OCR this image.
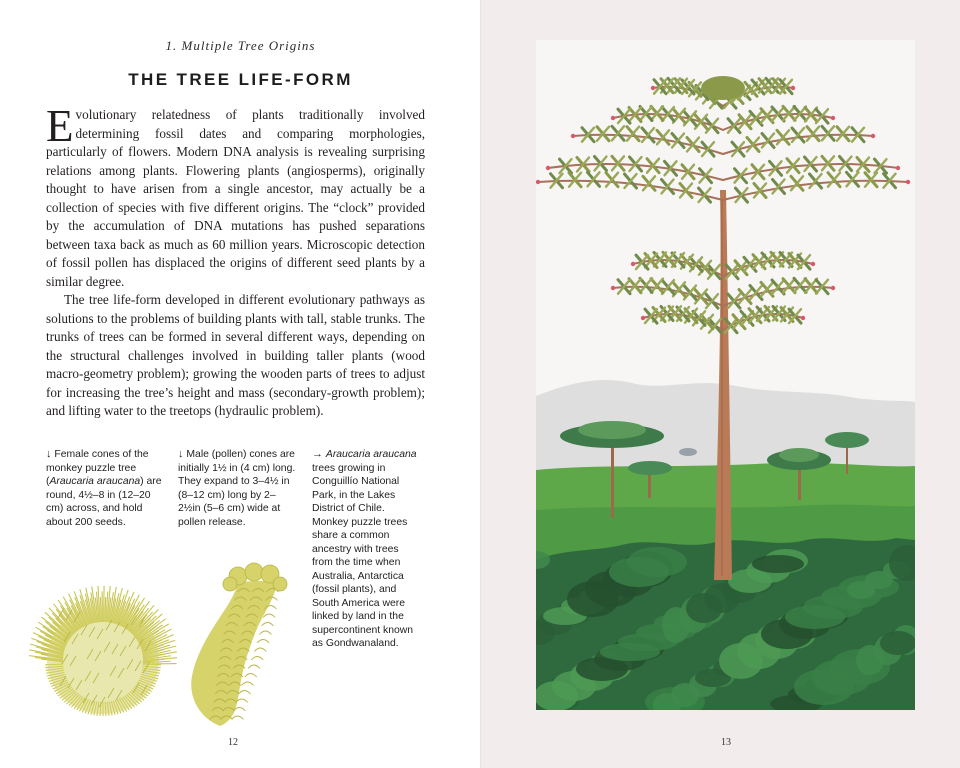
1. Multiple Tree Origins
THE TREE LIFE-FORM

Evolutionary relatedness of plants traditionally involved determining fossil dates and comparing morphologies, particularly of flowers. Modern DNA analysis is revealing surprising relations among plants. Flowering plants (angiosperms), originally thought to have arisen from a single ancestor, may actually be a collection of species with five different origins. The “clock” provided by the accumulation of DNA mutations has pushed separations between taxa back as much as 60 million years. Microscopic detection of fossil pollen has displaced the origins of different seed plants by a similar degree.

The tree life-form developed in different evolutionary pathways as solutions to the problems of building plants with tall, stable trunks. The trunks of trees can be formed in several different ways, depending on the structural challenges involved in building taller plants (wood macro-geometry problem); growing the wooden parts of trees to adjust for increasing the tree’s height and mass (secondary-growth problem); and lifting water to the treetops (hydraulic problem).

↓ Female cones of the monkey puzzle tree (Araucaria araucana) are round, 4½–8 in (12–20 cm) across, and hold about 200 seeds.
↓ Male (pollen) cones are initially 1½ in (4 cm) long. They expand to 3–4½ in (8–12 cm) long by 2–2½in (5–6 cm) wide at pollen release.
→ Araucaria araucana trees growing in Conguillío National Park, in the Lakes District of Chile. Monkey puzzle trees share a common ancestry with trees from the time when Australia, Antarctica (fossil plants), and South America were linked by land in the supercontinent known as Gondwanaland.
12	13
